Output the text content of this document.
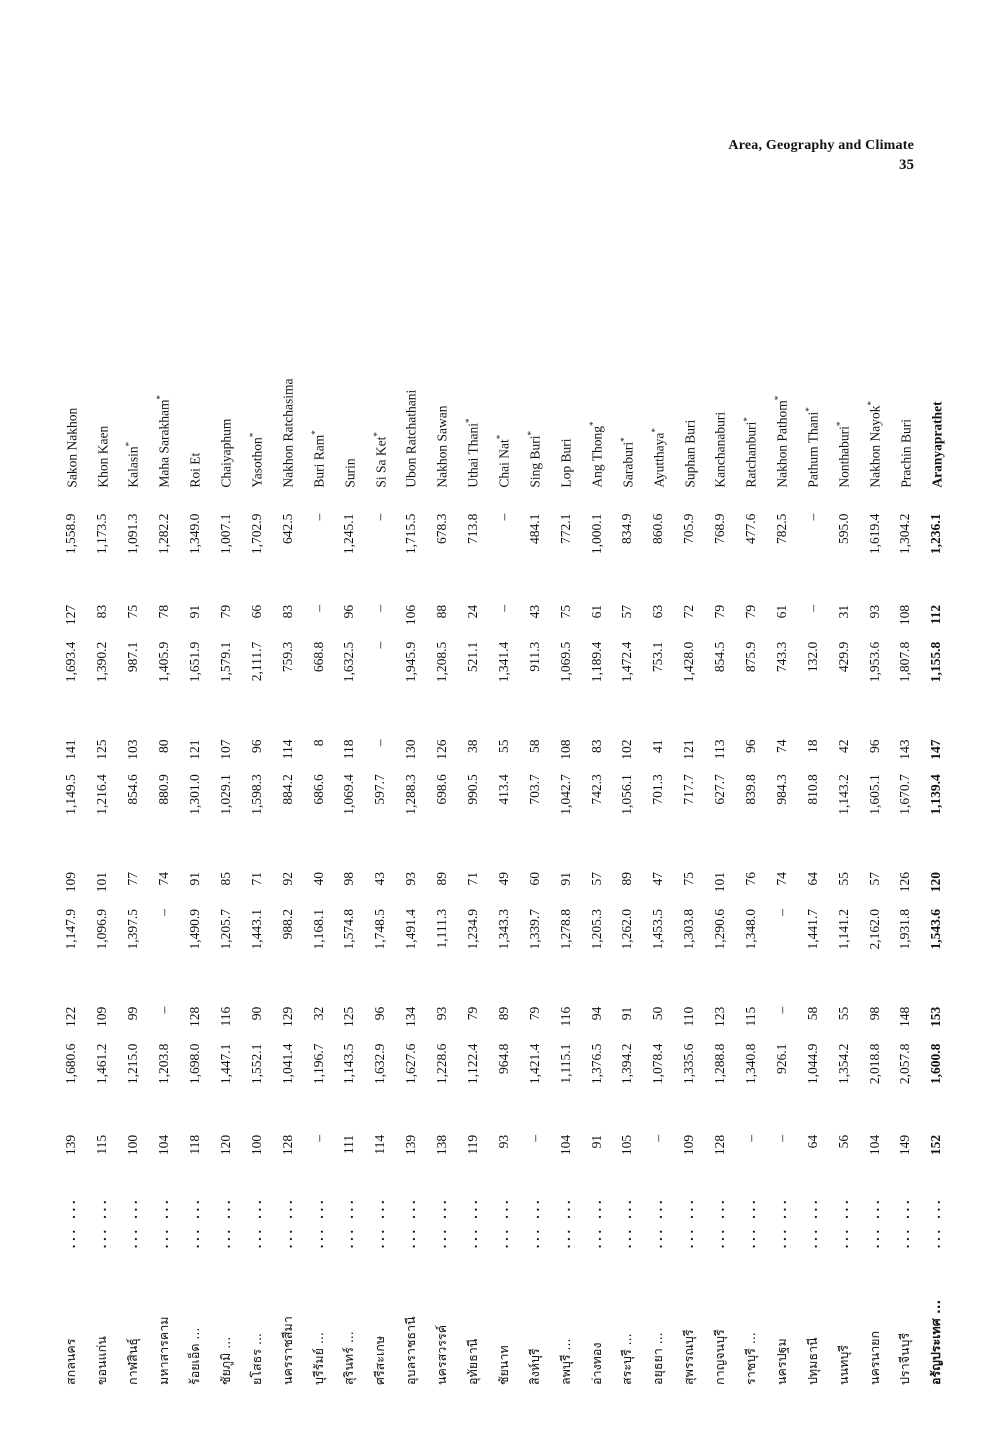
Area, Geography and Climate
35
สกลนคร	... ...	139	1,680.6	122	1,147.9	109	1,149.5	141	1,693.4	127	1,558.9	Sakon Nakhon
ขอนแก่น	... ...	115	1,461.2	109	1,096.9	101	1,216.4	125	1,390.2	83	1,173.5	Khon Kaen
กาฬสินธุ์	... ...	100	1,215.0	99	1,397.5	77	854.6	103	987.1	75	1,091.3	Kalasin*
มหาสารคาม	... ...	104	1,203.8	–	–	74	880.9	80	1,405.9	78	1,282.2	Maha Sarakham*
ร้อยเอ็ด ...	... ...	118	1,698.0	128	1,490.9	91	1,301.0	121	1,651.9	91	1,349.0	Roi Et
ชัยภูมิ ...	... ...	120	1,447.1	116	1,205.7	85	1,029.1	107	1,579.1	79	1,007.1	Chaiyaphum
ยโสธร ...	... ...	100	1,552.1	90	1,443.1	71	1,598.3	96	2,111.7	66	1,702.9	Yasothon*
นครราชสีมา	... ...	128	1,041.4	129	988.2	92	884.2	114	759.3	83	642.5	Nakhon Ratchasima
บุรีรัมย์ ...	... ...	–	1,196.7	32	1,168.1	40	686.6	8	668.8	–	–	Buri Ram*
สุรินทร์ ...	... ...	111	1,143.5	125	1,574.8	98	1,069.4	118	1,632.5	96	1,245.1	Surin
ศรีสะเกษ	... ...	114	1,632.9	96	1,748.5	43	597.7	–	–	–	–	Si Sa Ket*
อุบลราชธานี	... ...	139	1,627.6	134	1,491.4	93	1,288.3	130	1,945.9	106	1,715.5	Ubon Ratchathani
นครสวรรค์	... ...	138	1,228.6	93	1,111.3	89	698.6	126	1,208.5	88	678.3	Nakhon Sawan
อุทัยธานี	... ...	119	1,122.4	79	1,234.9	71	990.5	38	521.1	24	713.8	Uthai Thani*
ชัยนาท	... ...	93	964.8	89	1,343.3	49	413.4	55	1,341.4	–	–	Chai Nat*
สิงห์บุรี	... ...	–	1,421.4	79	1,339.7	60	703.7	58	911.3	43	484.1	Sing Buri*
ลพบุรี ...	... ...	104	1,115.1	116	1,278.8	91	1,042.7	108	1,069.5	75	772.1	Lop Buri
อ่างทอง	... ...	91	1,376.5	94	1,205.3	57	742.3	83	1,189.4	61	1,000.1	Ang Thong*
สระบุรี ...	... ...	105	1,394.2	91	1,262.0	89	1,056.1	102	1,472.4	57	834.9	Saraburi*
อยุธยา ...	... ...	–	1,078.4	50	1,453.5	47	701.3	41	753.1	63	860.6	Ayutthaya*
สุพรรณบุรี	... ...	109	1,335.6	110	1,303.8	75	717.7	121	1,428.0	72	705.9	Suphan Buri
กาญจนบุรี	... ...	128	1,288.8	123	1,290.6	101	627.7	113	854.5	79	768.9	Kanchanaburi
ราชบุรี ...	... ...	–	1,340.8	115	1,348.0	76	839.8	96	875.9	79	477.6	Ratchanburi*
นครปฐม	... ...	–	926.1	–	–	74	984.3	74	743.3	61	782.5	Nakhon Pathom*
ปทุมธานี	... ...	64	1,044.9	58	1,441.7	64	810.8	18	132.0	–	–	Pathum Thani*
นนทบุรี	... ...	56	1,354.2	55	1,141.2	55	1,143.2	42	429.9	31	595.0	Nonthaburi*
นครนายก	... ...	104	2,018.8	98	2,162.0	57	1,605.1	96	1,953.6	93	1,619.4	Nakhon Nayok*
ปราจีนบุรี	... ...	149	2,057.8	148	1,931.8	126	1,670.7	143	1,807.8	108	1,304.2	Prachin Buri
อรัญประเทศ ...	... ...	152	1,600.8	153	1,543.6	120	1,139.4	147	1,155.8	112	1,236.1	Aranyaprathet
